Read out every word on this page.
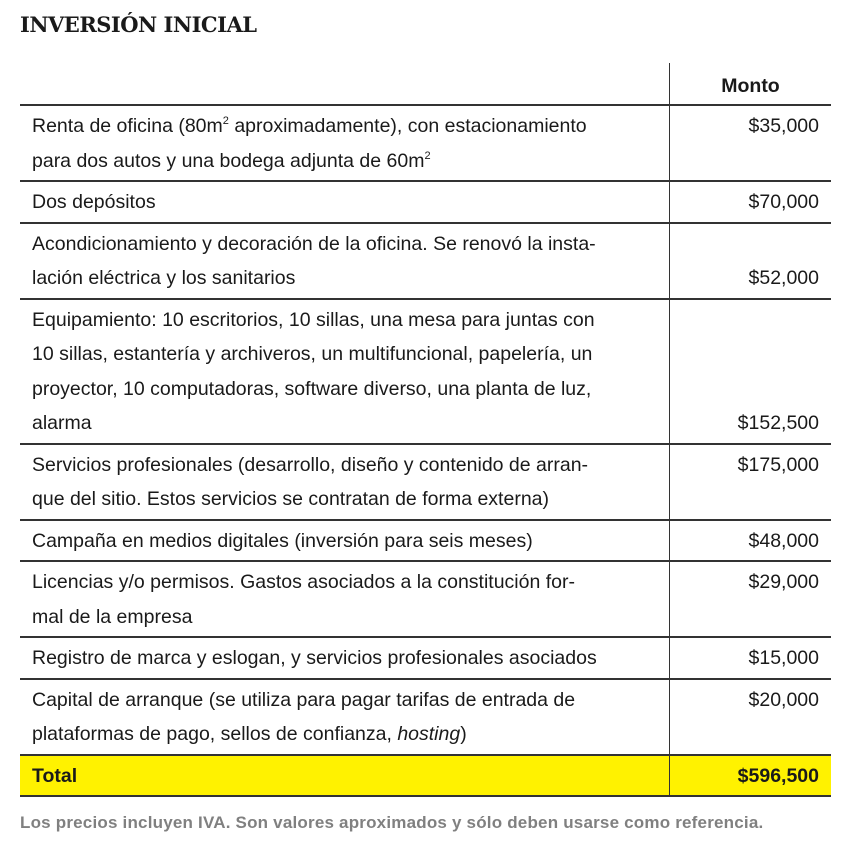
INVERSIÓN INICIAL
	Monto
Renta de oficina ($80m^2$ aproximadamente), con estacionamiento
para dos autos y una bodega adjunta de $60m^2$	$35,000
Dos depósitos	$70,000
Acondicionamiento y decoración de la oficina. Se renovó la insta-
lación eléctrica y los sanitarios	$52,000
Equipamiento: 10 escritorios, 10 sillas, una mesa para juntas con
10 sillas, estantería y archiveros, un multifuncional, papelería, un
proyector, 10 computadoras, software diverso, una planta de luz,
alarma	$152,500
Servicios profesionales (desarrollo, diseño y contenido de arran-
que del sitio. Estos servicios se contratan de forma externa)	$175,000
Campaña en medios digitales (inversión para seis meses)	$48,000
Licencias y/o permisos. Gastos asociados a la constitución for-
mal de la empresa	$29,000
Registro de marca y eslogan, y servicios profesionales asociados	$15,000
Capital de arranque (se utiliza para pagar tarifas de entrada de
plataformas de pago, sellos de confianza, hosting)	$20,000
Total	$596,500

Los precios incluyen IVA. Son valores aproximados y sólo deben usarse como referencia.
